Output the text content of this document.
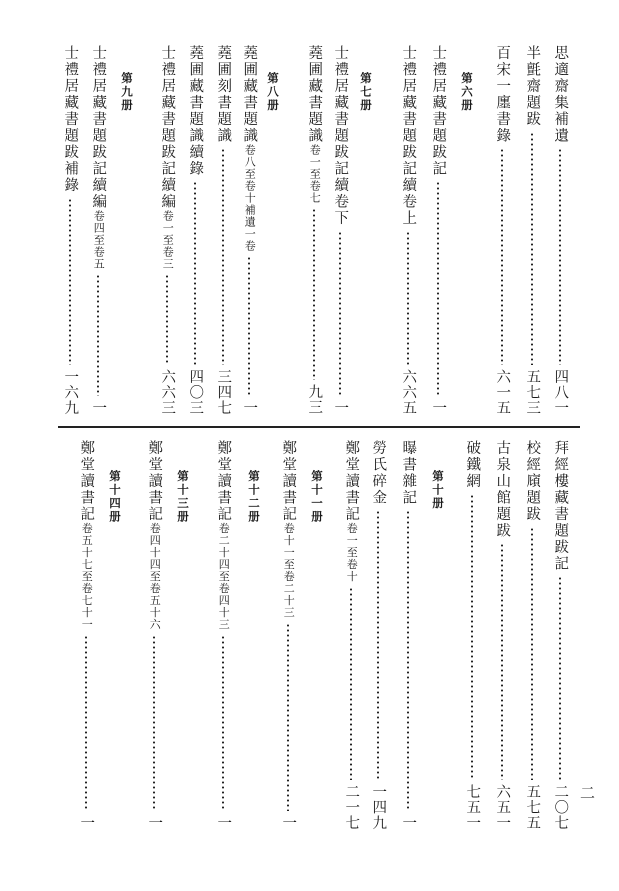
思適齋集補遺
四八一
半氈齋題跋
五七三
百宋一廛書錄
六一五
第六册
士禮居藏書題跋記
一
士禮居藏書題跋記續卷上
六六五
第七册
士禮居藏書題跋記續卷下
一
蕘圃藏書題識卷一至卷七
九三
第八册
蕘圃藏書題識卷八至卷十補遺一卷
一
蕘圃刻書題識
三四七
蕘圃藏書題識續錄
四〇三
士禮居藏書題跋記續編卷一至卷三
六六三
第九册
士禮居藏書題跋記續編卷四至卷五
一
士禮居藏書題跋補錄
一六九
拜經樓藏書題跋記
二〇七
校經廎題跋
五七五
古泉山館題跋
六五一
破鐵網
七五一
第十册
曝書雜記
一
勞氏碎金
一四九
鄭堂讀書記卷一至卷十
二一七
第十一册
鄭堂讀書記卷十一至卷二十三
一
第十二册
鄭堂讀書記卷二十四至卷四十三
一
第十三册
鄭堂讀書記卷四十四至卷五十六
一
第十四册
鄭堂讀書記卷五十七至卷七十一
一
二
